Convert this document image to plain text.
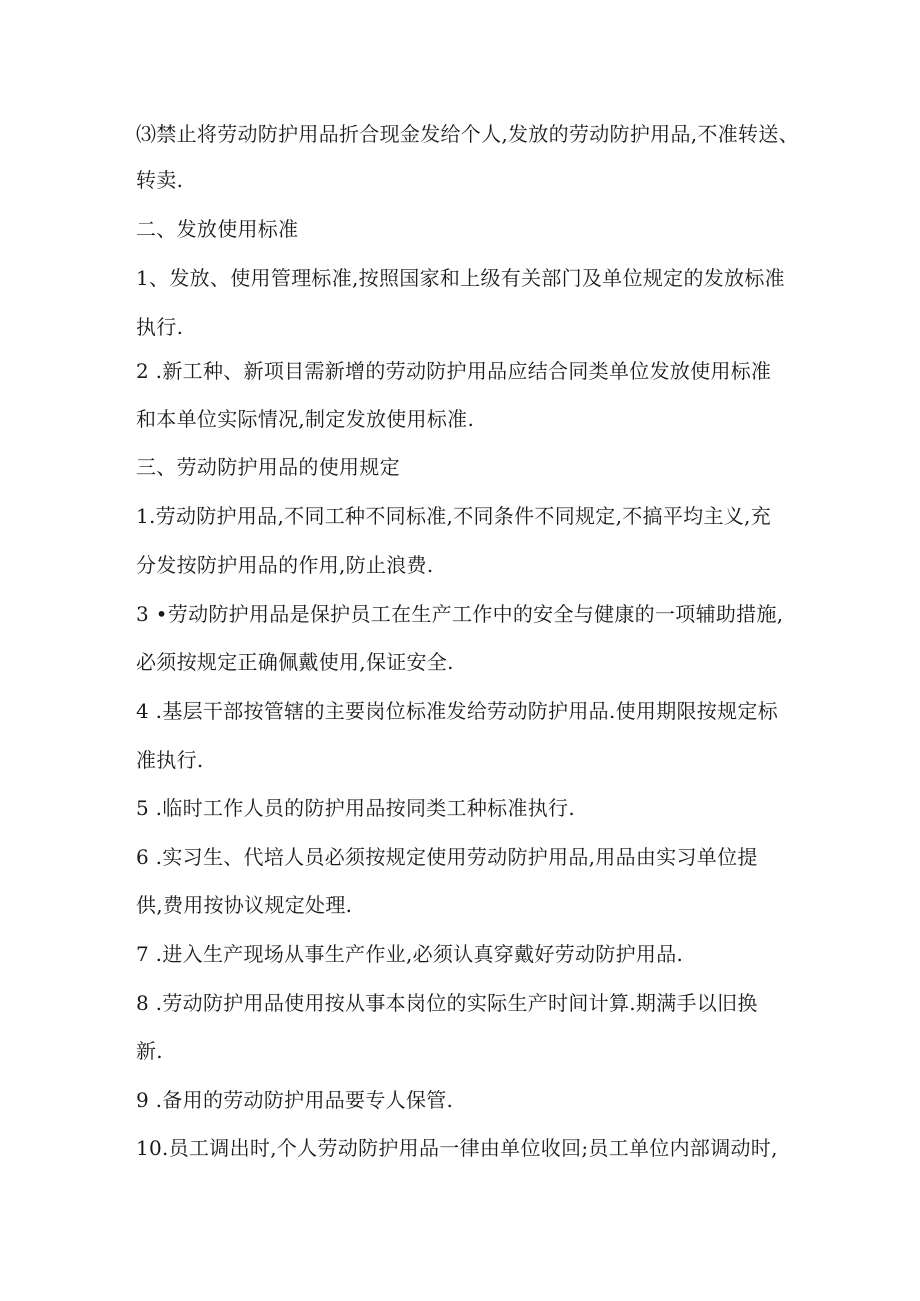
⑶禁止将劳动防护用品折合现金发给个人,发放的劳动防护用品,不准转送、
转卖.
二、发放使用标准
1、发放、使用管理标准,按照国家和上级有关部门及单位规定的发放标准
执行.
2 .新工种、新项目需新增的劳动防护用品应结合同类单位发放使用标准
和本单位实际情况,制定发放使用标准.
三、劳动防护用品的使用规定
1.劳动防护用品,不同工种不同标准,不同条件不同规定,不搞平均主义,充
分发按防护用品的作用,防止浪费.
3 •劳动防护用品是保护员工在生产工作中的安全与健康的一项辅助措施,
必须按规定正确佩戴使用,保证安全.
4 .基层干部按管辖的主要岗位标准发给劳动防护用品.使用期限按规定标
准执行.
5 .临时工作人员的防护用品按同类工种标准执行.
6 .实习生、代培人员必须按规定使用劳动防护用品,用品由实习单位提
供,费用按协议规定处理.
7 .进入生产现场从事生产作业,必须认真穿戴好劳动防护用品.
8 .劳动防护用品使用按从事本岗位的实际生产时间计算.期满手以旧换
新.
9 .备用的劳动防护用品要专人保管.
10.员工调出时,个人劳动防护用品一律由单位收回;员工单位内部调动时,
